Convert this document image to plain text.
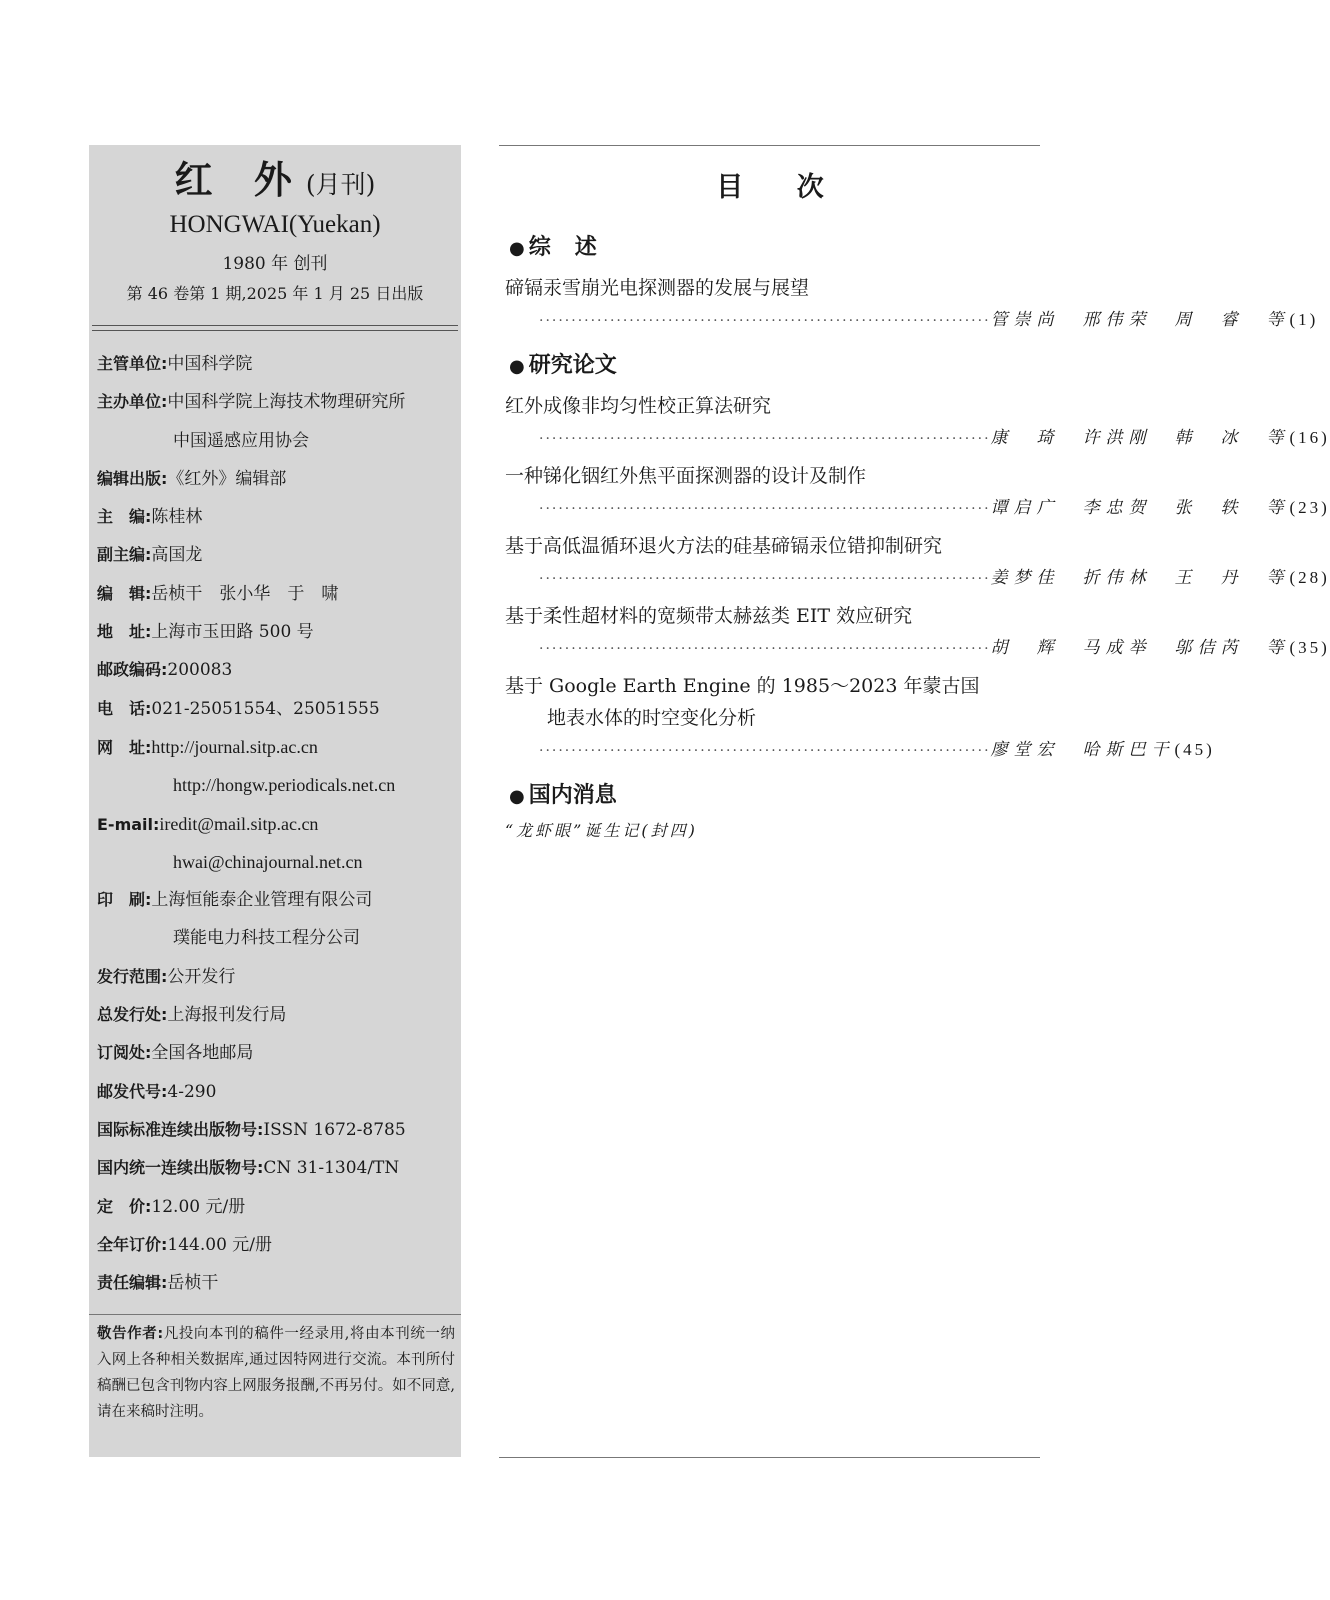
红 外(月刊)
HONGWAI(Yuekan)
1980 年 创刊
第 46 卷第 1 期,2025 年 1 月 25 日出版
主管单位:中国科学院
主办单位:中国科学院上海技术物理研究所
中国遥感应用协会
编辑出版:《红外》编辑部
主　编:陈桂林
副主编:高国龙
编　辑:岳桢干　张小华　于　啸
地　址:上海市玉田路 500 号
邮政编码:200083
电　话:021-25051554、25051555
网　址:http://journal.sitp.ac.cn
http://hongw.periodicals.net.cn
E-mail:iredit@mail.sitp.ac.cn
hwai@chinajournal.net.cn
印　刷:上海恒能泰企业管理有限公司
璞能电力科技工程分公司
发行范围:公开发行
总发行处:上海报刊发行局
订阅处:全国各地邮局
邮发代号:4-290
国际标准连续出版物号:ISSN 1672-8785
国内统一连续出版物号:CN 31-1304/TN
定　价:12.00 元/册
全年订价:144.00 元/册
责任编辑:岳桢干
敬告作者:凡投向本刊的稿件一经录用,将由本刊统一纳入网上各种相关数据库,通过因特网进行交流。本刊所付稿酬已包含刊物内容上网服务报酬,不再另付。如不同意,请在来稿时注明。
目 次
● 综述
碲镉汞雪崩光电探测器的发展与展望
······································································ 管崇尚　邢伟荣　周　睿　等 (1)
● 研究论文
红外成像非均匀性校正算法研究
······································································ 康　琦　许洪刚　韩　冰　等 (16)
一种锑化铟红外焦平面探测器的设计及制作
······································································ 谭启广　李忠贺　张　轶　等 (23)
基于高低温循环退火方法的硅基碲镉汞位错抑制研究
······································································ 姜梦佳　折伟林　王　丹　等 (28)
基于柔性超材料的宽频带太赫兹类 EIT 效应研究
······································································ 胡　辉　马成举　邬佶芮　等 (35)
基于 Google Earth Engine 的 1985～2023 年蒙古国
地表水体的时空变化分析
······································································ 廖堂宏　哈斯巴干 (45)
● 国内消息
“龙虾眼”诞生记(封四)
